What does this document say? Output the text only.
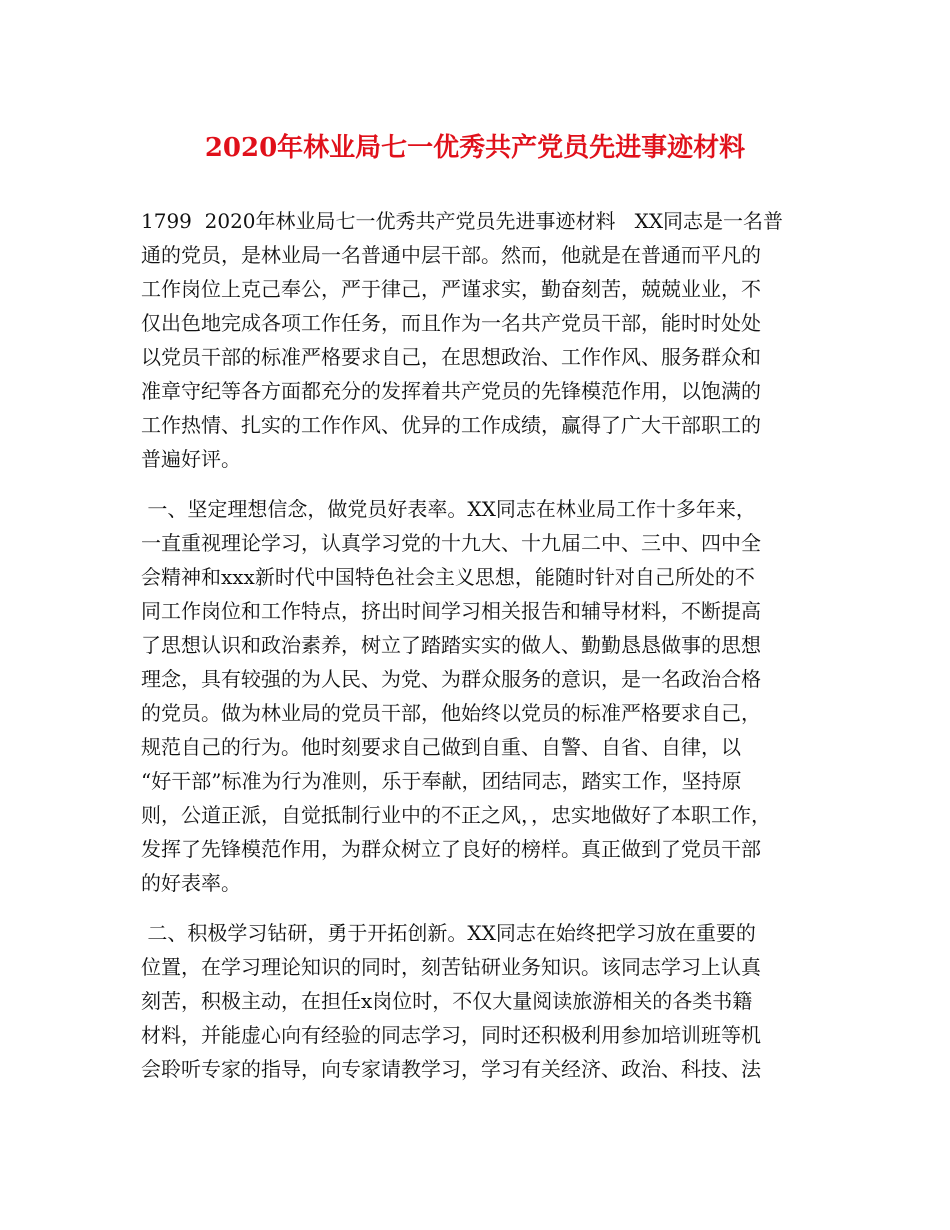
2020年林业局七一优秀共产党员先进事迹材料
1799  2020年林业局七一优秀共产党员先进事迹材料   XX同志是一名普
通的党员，是林业局一名普通中层干部。然而，他就是在普通而平凡的
工作岗位上克己奉公，严于律己，严谨求实，勤奋刻苦，兢兢业业，不
仅出色地完成各项工作任务，而且作为一名共产党员干部，能时时处处
以党员干部的标准严格要求自己，在思想政治、工作作风、服务群众和
准章守纪等各方面都充分的发挥着共产党员的先锋模范作用，以饱满的
工作热情、扎实的工作作风、优异的工作成绩，赢得了广大干部职工的
普遍好评。
一、坚定理想信念，做党员好表率。XX同志在林业局工作十多年来，
一直重视理论学习，认真学习党的十九大、十九届二中、三中、四中全
会精神和xxx新时代中国特色社会主义思想，能随时针对自己所处的不
同工作岗位和工作特点，挤出时间学习相关报告和辅导材料，不断提高
了思想认识和政治素养，树立了踏踏实实的做人、勤勤恳恳做事的思想
理念，具有较强的为人民、为党、为群众服务的意识，是一名政治合格
的党员。做为林业局的党员干部，他始终以党员的标准严格要求自己，
规范自己的行为。他时刻要求自己做到自重、自警、自省、自律，以
“好干部”标准为行为准则，乐于奉献，团结同志，踏实工作，坚持原
则，公道正派，自觉抵制行业中的不正之风，，忠实地做好了本职工作，
发挥了先锋模范作用，为群众树立了良好的榜样。真正做到了党员干部
的好表率。
二、积极学习钻研，勇于开拓创新。XX同志在始终把学习放在重要的
位置，在学习理论知识的同时，刻苦钻研业务知识。该同志学习上认真
刻苦，积极主动，在担任x岗位时，不仅大量阅读旅游相关的各类书籍
材料，并能虚心向有经验的同志学习，同时还积极利用参加培训班等机
会聆听专家的指导，向专家请教学习，学习有关经济、政治、科技、法
